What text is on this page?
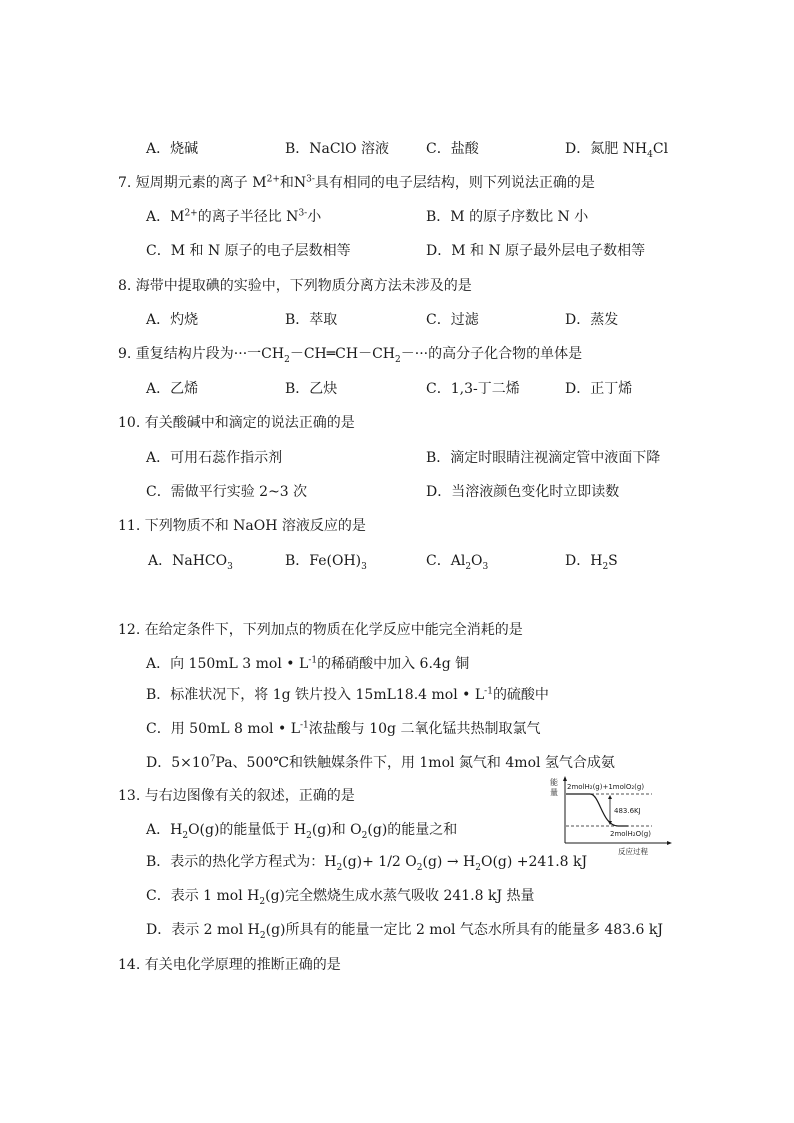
A．烧碱	B．NaClO 溶液	C．盐酸	D．氮肥 $NH_4Cl$
7. 短周期元素的离子 $M^{2+}$和$N^{3-}$具有相同的电子层结构，则下列说法正确的是
A．$M^{2+}$的离子半径比 $N^{3-}$小	B．M 的原子序数比 N 小
C．M 和 N 原子的电子层数相等	D．M 和 N 原子最外层电子数相等
8. 海带中提取碘的实验中，下列物质分离方法未涉及的是
A．灼烧	B．萃取	C．过滤	D．蒸发
9. 重复结构片段为···一$CH_2-CH═CH-CH_2-\cdot\cdot\cdot$的高分子化合物的单体是
A．乙烯	B．乙炔	C．1,3-丁二烯	D．正丁烯
10. 有关酸碱中和滴定的说法正确的是
A．可用石蕊作指示剂	B．滴定时眼睛注视滴定管中液面下降
C．需做平行实验 2~3 次	D．当溶液颜色变化时立即读数
11. 下列物质不和 NaOH 溶液反应的是
A．NaHCO$_3$	B．$Fe(OH)_3$	C．$Al_2O_3$	D．$H_2S$
12. 在给定条件下，下列加点的物质在化学反应中能完全消耗的是
A．向 150mL 3 mol • $L^{-1}$的稀硝酸中加入 6.4g 铜
B．标准状况下，将 1g 铁片投入 15mL18.4 mol • $L^{-1}$的硫酸中
C．用 50mL 8 mol • $L^{-1}$浓盐酸与 10g 二氧化锰共热制取氯气
D．$5\times 10^7Pa$、500℃和铁触媒条件下，用 1mol 氮气和 4mol 氢气合成氨
13. 与右边图像有关的叙述，正确的是
A．$H_2O(g)$的能量低于 $H_2(g)$和 $O_2(g)$的能量之和
B．表示的热化学方程式为：$H_2(g)+ 1/2$ $O_2(g) \to H_2O(g) +241.8$ kJ
C．表示 1 mol $H_2(g)$完全燃烧生成水蒸气吸收 241.8 kJ 热量
D．表示 2 mol $H_2(g)$所具有的能量一定比 2 mol 气态水所具有的能量多 483.6 kJ
能
量
2molH₂(g)+1molO₂(g)
2molH₂O(g)
483.6KJ
反应过程
14. 有关电化学原理的推断正确的是
